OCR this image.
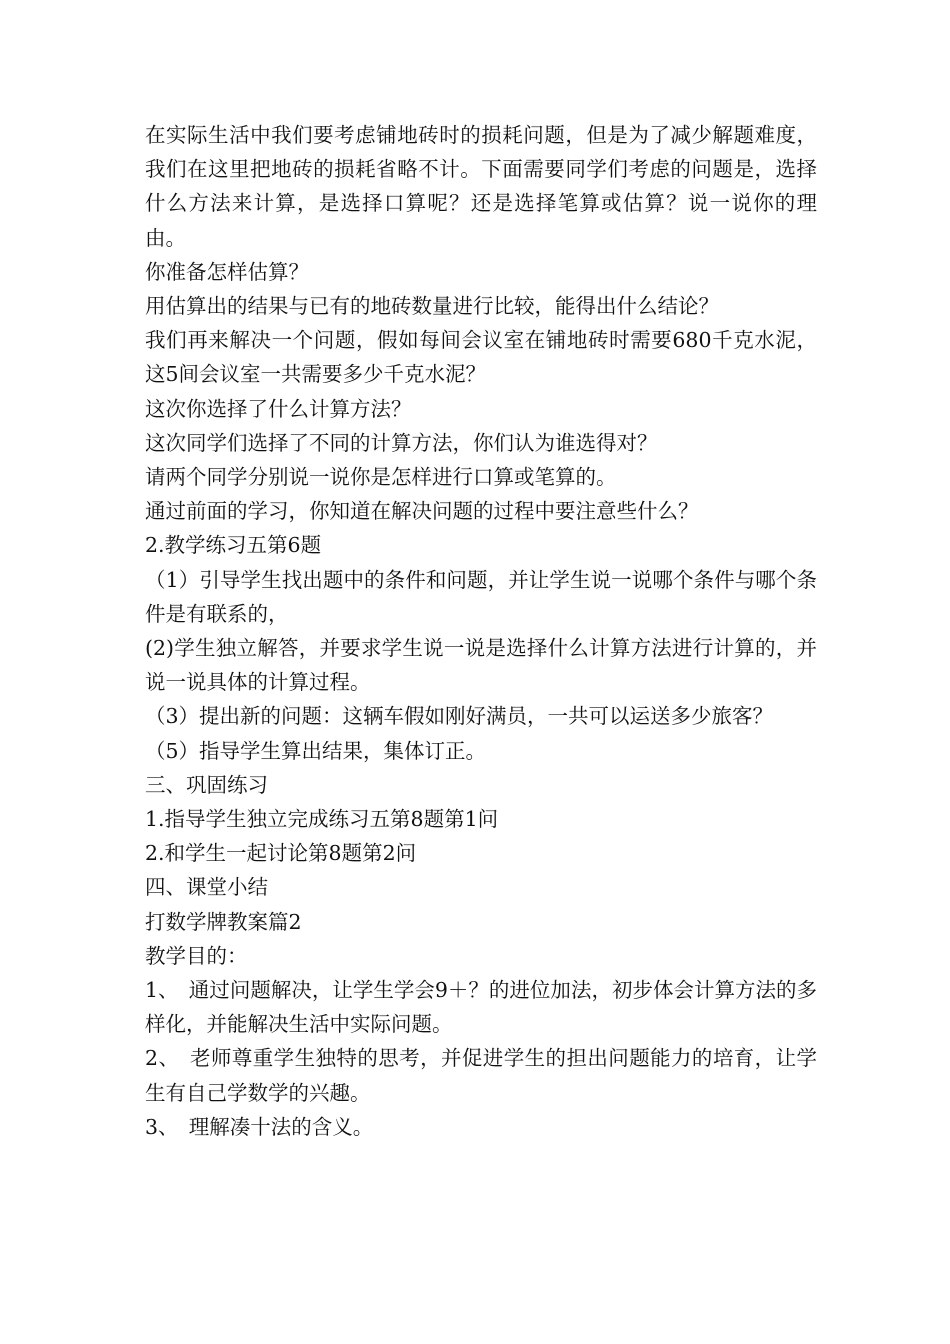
在实际生活中我们要考虑铺地砖时的损耗问题，但是为了减少解题难度，我们在这里把地砖的损耗省略不计。下面需要同学们考虑的问题是，选择什么方法来计算，是选择口算呢？还是选择笔算或估算？说一说你的理由。

你准备怎样估算？

用估算出的结果与已有的地砖数量进行比较，能得出什么结论？

我们再来解决一个问题，假如每间会议室在铺地砖时需要680千克水泥，这5间会议室一共需要多少千克水泥？

这次你选择了什么计算方法？

这次同学们选择了不同的计算方法，你们认为谁选得对？

请两个同学分别说一说你是怎样进行口算或笔算的。

通过前面的学习，你知道在解决问题的过程中要注意些什么？

2.教学练习五第6题

（1）引导学生找出题中的条件和问题，并让学生说一说哪个条件与哪个条件是有联系的，

(2)学生独立解答，并要求学生说一说是选择什么计算方法进行计算的，并说一说具体的计算过程。

（3）提出新的问题：这辆车假如刚好满员，一共可以运送多少旅客？

（5）指导学生算出结果，集体订正。

三、巩固练习

1.指导学生独立完成练习五第8题第1问

2.和学生一起讨论第8题第2问

四、课堂小结

打数学牌教案篇2

教学目的：

1、　通过问题解决，让学生学会9＋？的进位加法，初步体会计算方法的多样化，并能解决生活中实际问题。

2、　老师尊重学生独特的思考，并促进学生的担出问题能力的培育，让学生有自己学数学的兴趣。

3、　理解凑十法的含义。
